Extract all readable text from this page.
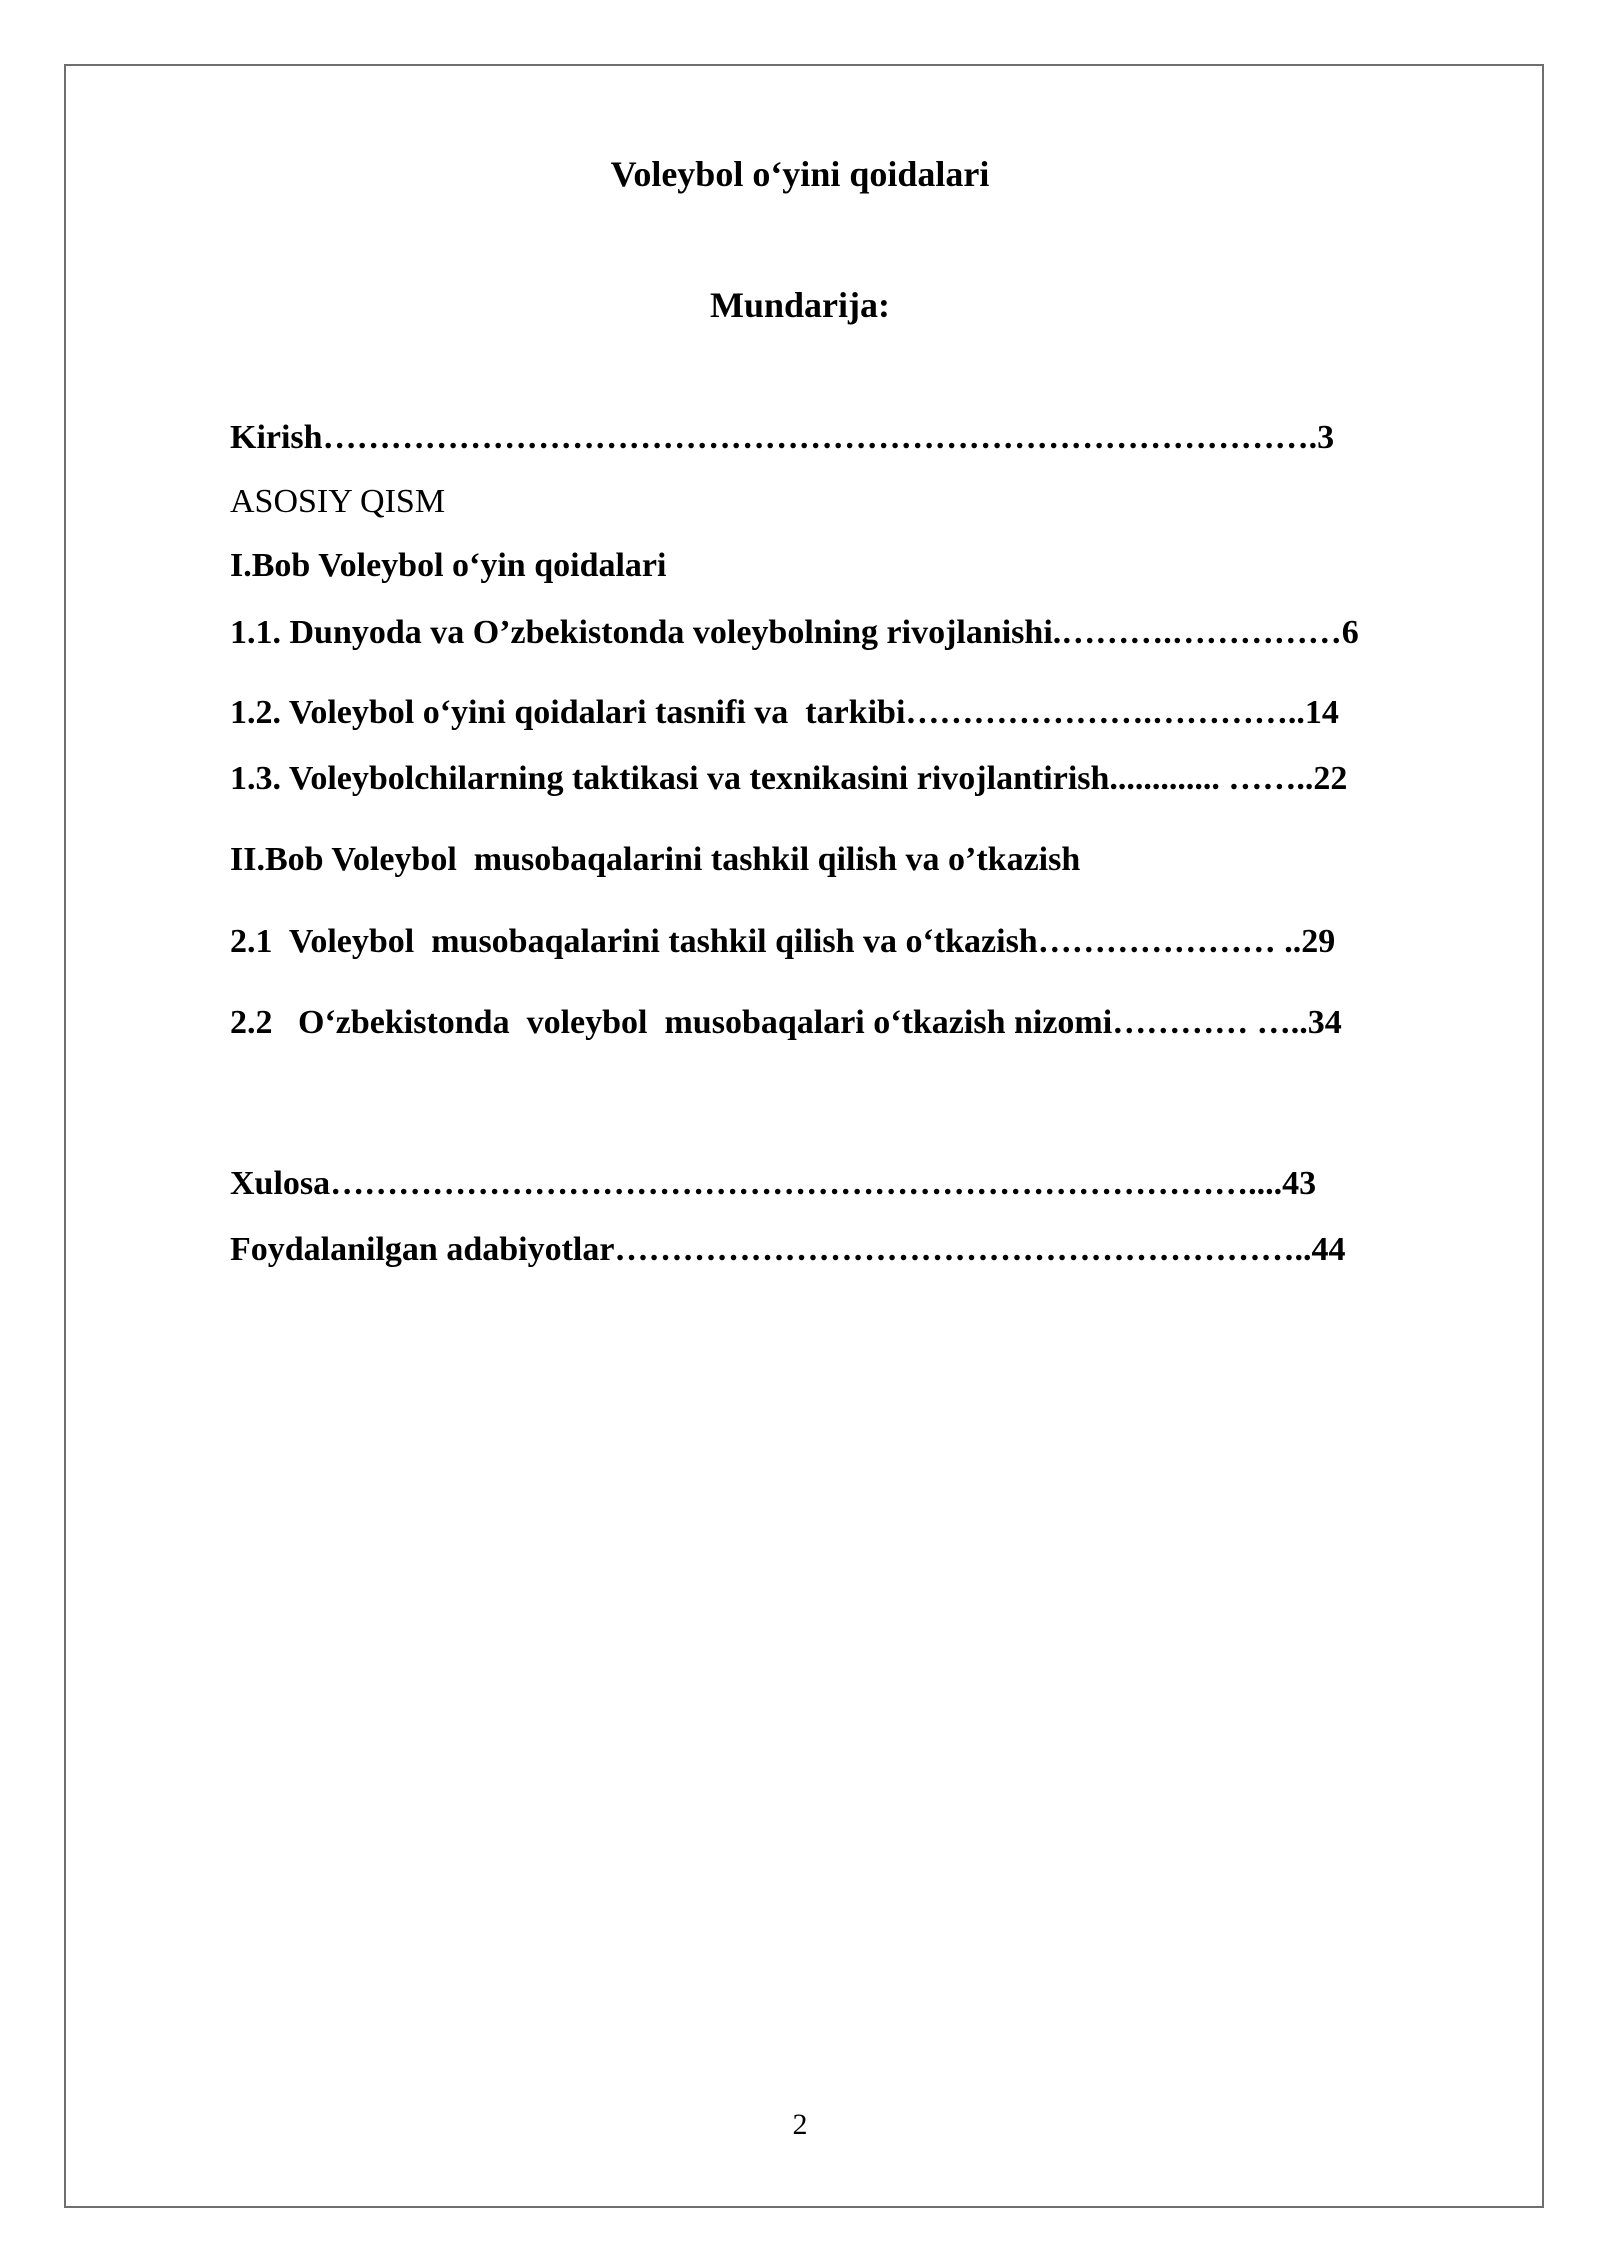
Voleybol o‘yini qoidalari
Mundarija:
Kirish…………………………………………………………………………….3
ASOSIY QISM
I.Bob Voleybol o‘yin qoidalari
1.1. Dunyoda va O’zbekistonda voleybolning rivojlanishi.……….……………6
1.2. Voleybol o‘yini qoidalari tasnifi va  tarkibi………………….…………..14
1.3. Voleybolchilarning taktikasi va texnikasini rivojlantirish............. ……..22
II.Bob Voleybol  musobaqalarini tashkil qilish va o’tkazish
2.1  Voleybol  musobaqalarini tashkil qilish va o‘tkazish………………… ..29
2.2   O‘zbekistonda  voleybol  musobaqalari o‘tkazish nizomi………… …..34
Xulosa………………………………………………………………………....43
Foydalanilgan adabiyotlar……………………………………………………..44
2
